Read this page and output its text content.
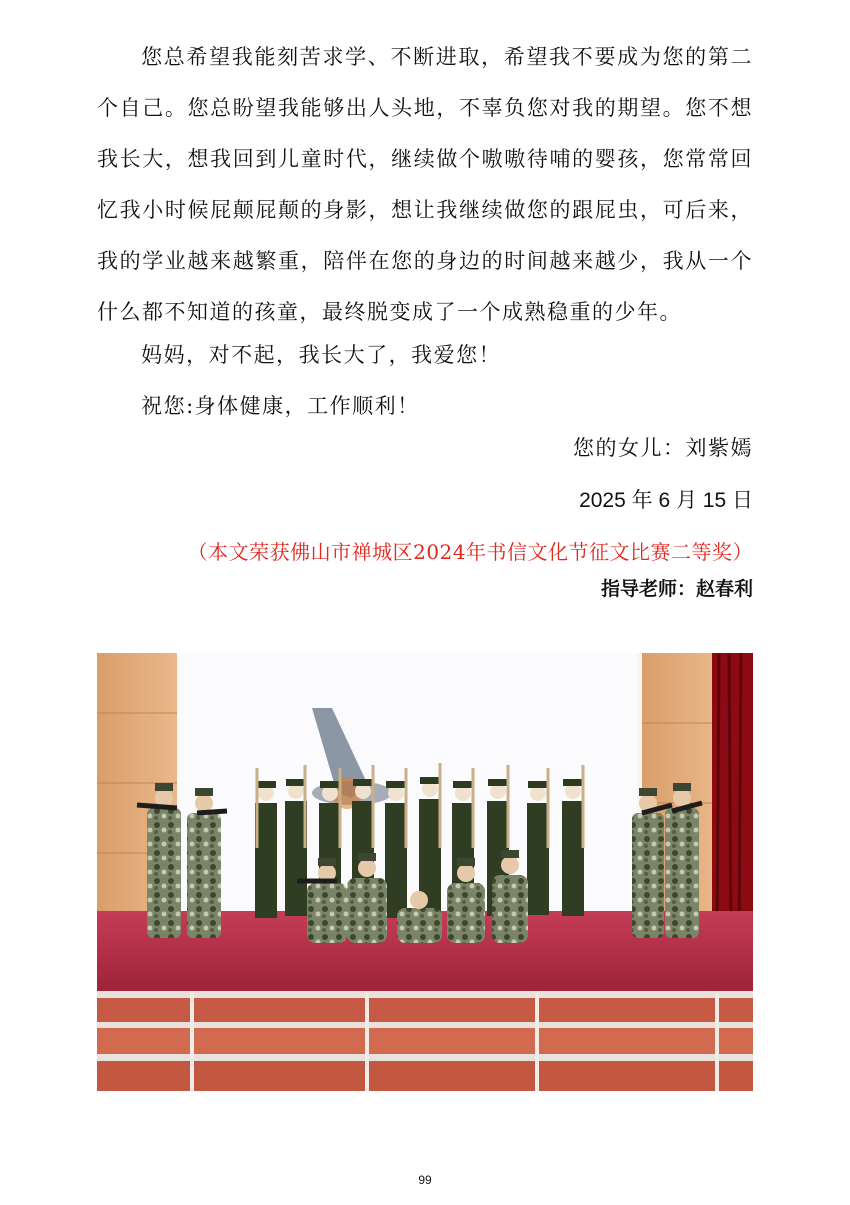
您总希望我能刻苦求学、不断进取，希望我不要成为您的第二个自己。您总盼望我能够出人头地，不辜负您对我的期望。您不想我长大，想我回到儿童时代，继续做个嗷嗷待哺的婴孩，您常常回忆我小时候屁颠屁颠的身影，想让我继续做您的跟屁虫，可后来，我的学业越来越繁重，陪伴在您的身边的时间越来越少，我从一个什么都不知道的孩童，最终脱变成了一个成熟稳重的少年。

妈妈，对不起，我长大了，我爱您！

祝您:身体健康，工作顺利！

您的女儿：刘紫嫣

2025 年 6 月 15 日

（本文荣获佛山市禅城区2024年书信文化节征文比赛二等奖）

指导老师：赵春利

99
